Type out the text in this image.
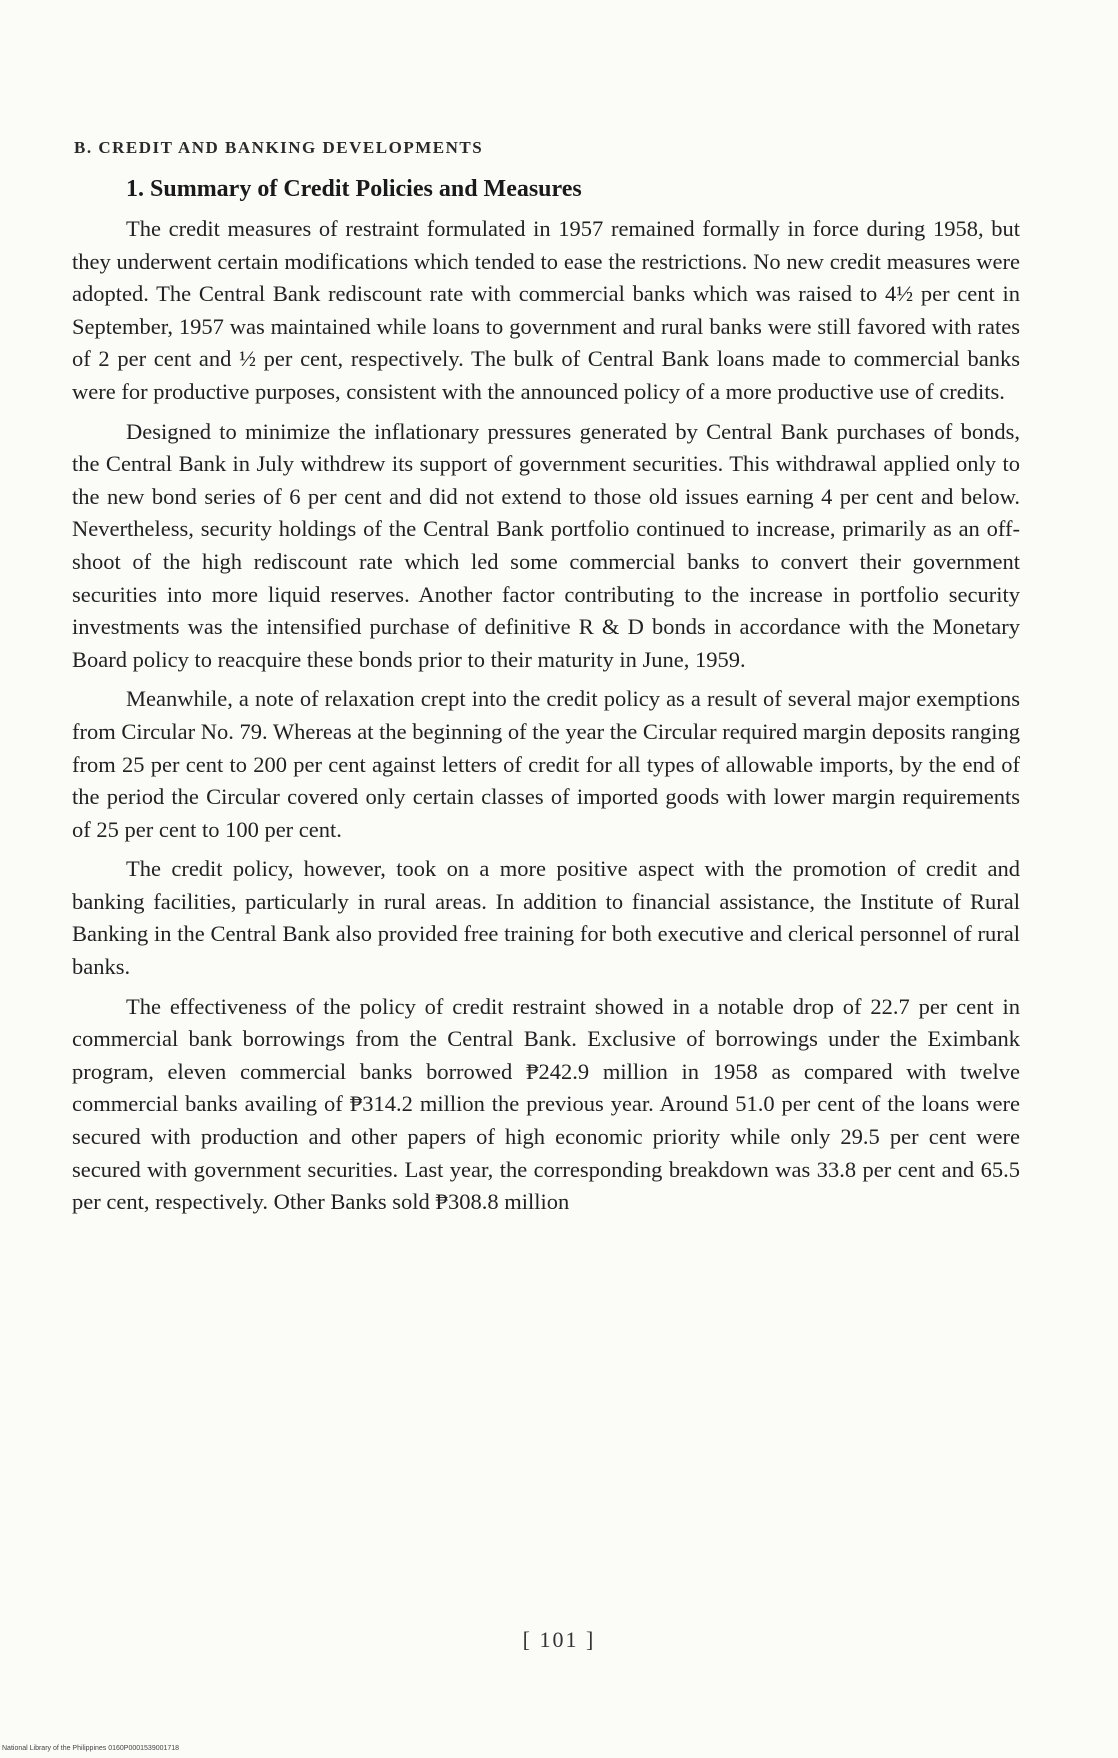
B. CREDIT AND BANKING DEVELOPMENTS
1. Summary of Credit Policies and Measures

The credit measures of restraint formulated in 1957 remained formally in force during 1958, but they underwent certain modifications which tended to ease the restrictions. No new credit measures were adopted. The Central Bank rediscount rate with commercial banks which was raised to 4½ per cent in September, 1957 was maintained while loans to government and rural banks were still favored with rates of 2 per cent and ½ per cent, respectively. The bulk of Central Bank loans made to commercial banks were for productive purposes, consistent with the announced policy of a more productive use of credits.

Designed to minimize the inflationary pressures generated by Central Bank purchases of bonds, the Central Bank in July withdrew its support of government securities. This withdrawal applied only to the new bond series of 6 per cent and did not extend to those old issues earning 4 per cent and below. Nevertheless, security holdings of the Central Bank portfolio continued to increase, primarily as an off-shoot of the high rediscount rate which led some commercial banks to convert their government securities into more liquid reserves. Another factor contributing to the increase in portfolio security investments was the intensified purchase of definitive R & D bonds in accordance with the Monetary Board policy to reacquire these bonds prior to their maturity in June, 1959.

Meanwhile, a note of relaxation crept into the credit policy as a result of several major exemptions from Circular No. 79. Whereas at the beginning of the year the Circular required margin deposits ranging from 25 per cent to 200 per cent against letters of credit for all types of allowable imports, by the end of the period the Circular covered only certain classes of imported goods with lower margin requirements of 25 per cent to 100 per cent.

The credit policy, however, took on a more positive aspect with the promotion of credit and banking facilities, particularly in rural areas. In addition to financial assistance, the Institute of Rural Banking in the Central Bank also provided free training for both executive and clerical personnel of rural banks.

The effectiveness of the policy of credit restraint showed in a notable drop of 22.7 per cent in commercial bank borrowings from the Central Bank. Exclusive of borrowings under the Eximbank program, eleven commercial banks borrowed ₱242.9 million in 1958 as compared with twelve commercial banks availing of ₱314.2 million the previous year. Around 51.0 per cent of the loans were secured with production and other papers of high economic priority while only 29.5 per cent were secured with government securities. Last year, the corresponding breakdown was 33.8 per cent and 65.5 per cent, respectively. Other Banks sold ₱308.8 million

[ 101 ]
National Library of the Philippines 0160P0001539001718
